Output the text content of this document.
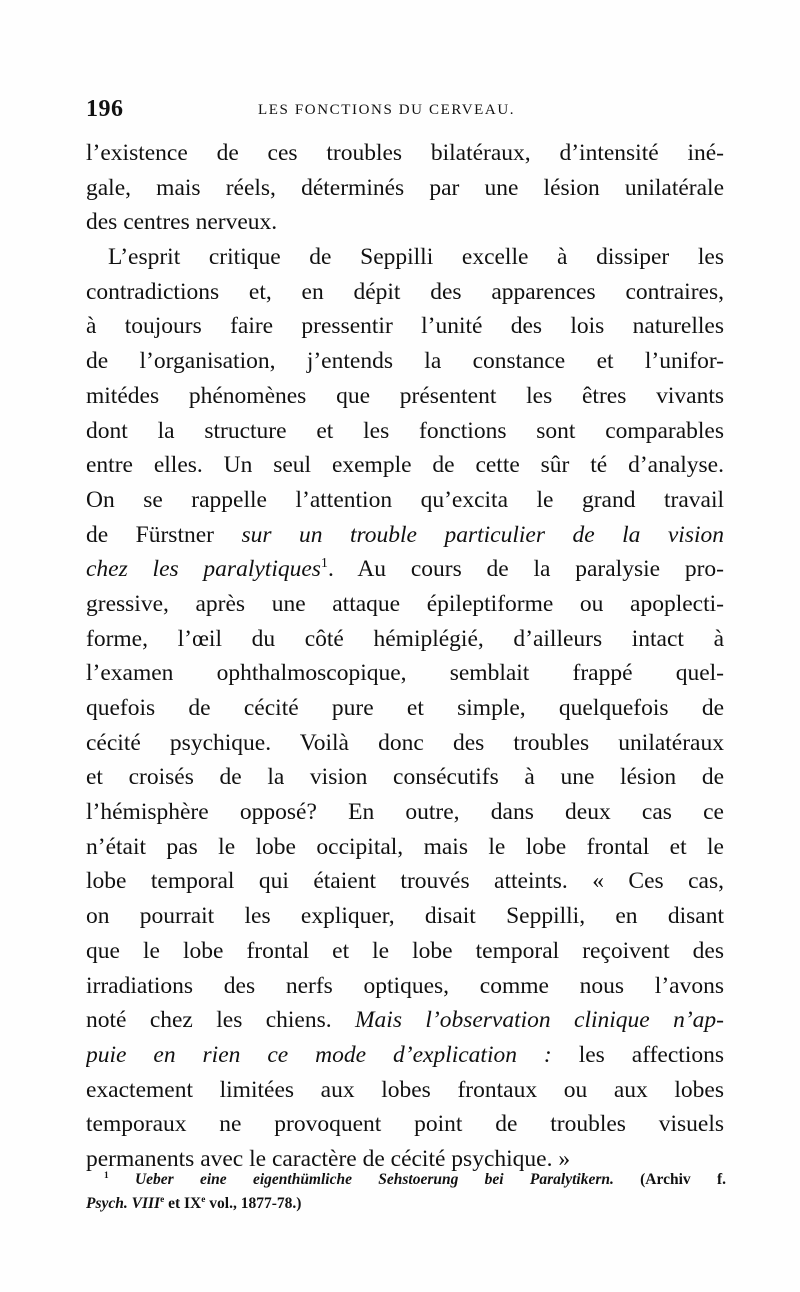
196	LES FONCTIONS DU CERVEAU.
l’existence de ces troubles bilatéraux, d’intensité iné-
gale, mais réels, déterminés par une lésion unilatérale
des centres nerveux.
L’esprit critique de Seppilli excelle à dissiper les
contradictions et, en dépit des apparences contraires,
à toujours faire pressentir l’unité des lois naturelles
de l’organisation, j’entends la constance et l’unifor-
mitédes phénomènes que présentent les êtres vivants
dont la structure et les fonctions sont comparables
entre elles. Un seul exemple de cette sûr té d’analyse.
On se rappelle l’attention qu’excita le grand travail
de Fürstner sur un trouble particulier de la vision
chez les paralytiques$^1$. Au cours de la paralysie pro-
gressive, après une attaque épileptiforme ou apoplecti-
forme, l’œil du côté hémiplégié, d’ailleurs intact à
l’examen ophthalmoscopique, semblait frappé quel-
quefois de cécité pure et simple, quelquefois de
cécité psychique. Voilà donc des troubles unilatéraux
et croisés de la vision consécutifs à une lésion de
l’hémisphère opposé? En outre, dans deux cas ce
n’était pas le lobe occipital, mais le lobe frontal et le
lobe temporal qui étaient trouvés atteints. « Ces cas,
on pourrait les expliquer, disait Seppilli, en disant
que le lobe frontal et le lobe temporal reçoivent des
irradiations des nerfs optiques, comme nous l’avons
noté chez les chiens. Mais l’observation clinique n’ap-
puie en rien ce mode d’explication : les affections
exactement limitées aux lobes frontaux ou aux lobes
temporaux ne provoquent point de troubles visuels
permanents avec le caractère de cécité psychique. »
$^1$ Ueber eine eigenthümliche Sehstoerung bei Paralytikern. (Archiv f.
Psych. VIIIe et IXe vol., 1877-78.)
